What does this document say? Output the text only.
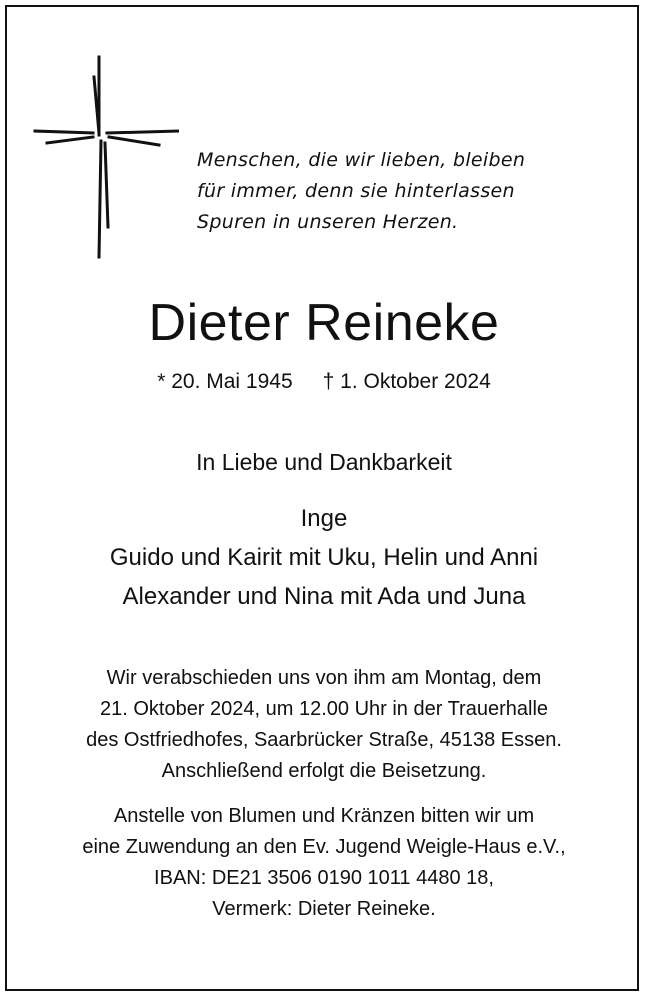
Menschen, die wir lieben, bleiben
für immer, denn sie hinterlassen
Spuren in unseren Herzen.
Dieter Reineke
* 20. Mai 1945 † 1. Oktober 2024
In Liebe und Dankbarkeit
Inge
Guido und Kairit mit Uku, Helin und Anni
Alexander und Nina mit Ada und Juna
Wir verabschieden uns von ihm am Montag, dem
21. Oktober 2024, um 12.00 Uhr in der Trauerhalle
des Ostfriedhofes, Saarbrücker Straße, 45138 Essen.
Anschließend erfolgt die Beisetzung.
Anstelle von Blumen und Kränzen bitten wir um
eine Zuwendung an den Ev. Jugend Weigle-Haus e.V.,
IBAN: DE21 3506 0190 1011 4480 18,
Vermerk: Dieter Reineke.
